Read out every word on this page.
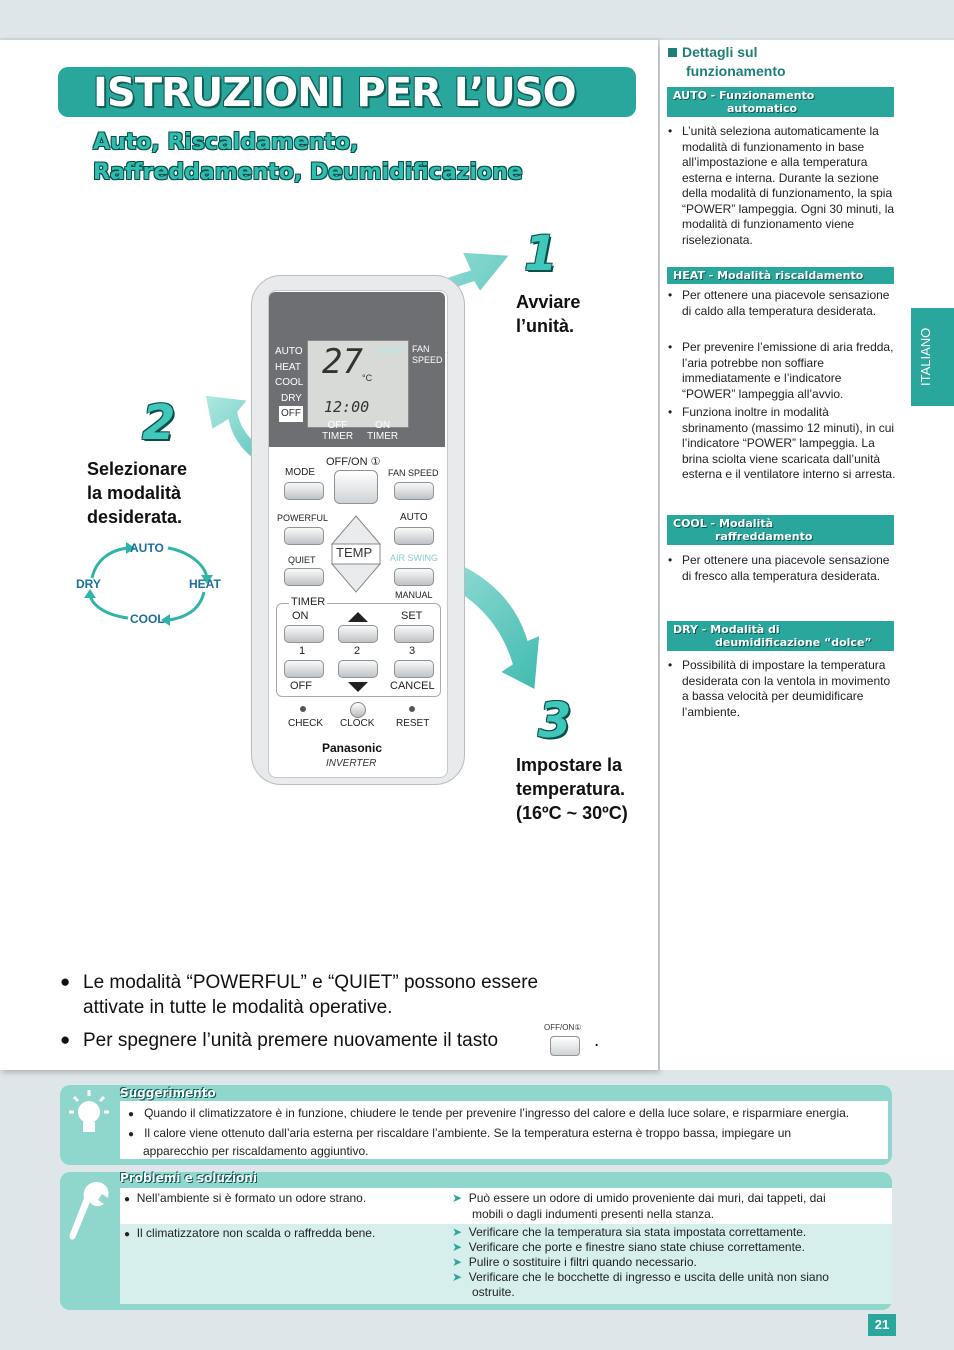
ISTRUZIONI PER L’USO
Auto, Riscaldamento,
Raffreddamento, Deumidificazione
1
Avviare
l’unità.
2
Selezionare
la modalità
desiderata.
3
Impostare la
temperatura.
(16ºC ~ 30ºC)
AUTO
HEAT
COOL
DRY
AUTO
HEAT
COOL
DRY
OFF
27 °C
12:00
AUTO FAN
SPEED
OFF
TIMER
ON
TIMER
OFF/ON ①
MODE	FAN SPEED
POWERFUL	AUTO
QUIET	AIR SWING
MANUAL
TEMP
TIMER
ON	SET
1	2	3
OFF	CANCEL
CHECK CLOCK RESET
Panasonic
INVERTER
● Le modalità “POWERFUL” e “QUIET” possono essere
attivate in tutte le modalità operative.
● Per spegnere l’unità premere nuovamente il tasto
OFF/ON①
.
Dettagli sul
funzionamento
AUTO - Funzionamento
automatico
• L’unità seleziona automaticamente la modalità di funzionamento in base all’impostazione e alla temperatura esterna e interna. Durante la sezione della modalità di funzionamento, la spia “POWER” lampeggia. Ogni 30 minuti, la modalità di funzionamento viene riselezionata.
HEAT - Modalità riscaldamento
• Per ottenere una piacevole sensazione di caldo alla temperatura desiderata.
• Per prevenire l’emissione di aria fredda, l’aria potrebbe non soffiare immediatamente e l’indicatore “POWER” lampeggia all’avvio.
• Funziona inoltre in modalità sbrinamento (massimo 12 minuti), in cui l’indicatore “POWER” lampeggia. La brina sciolta viene scaricata dall’unità esterna e il ventilatore interno si arresta.
COOL - Modalità
raffreddamento
• Per ottenere una piacevole sensazione di fresco alla temperatura desiderata.
DRY - Modalità di
deumidificazione “dolce”
• Possibilità di impostare la temperatura desiderata con la ventola in movimento a bassa velocità per deumidificare l’ambiente.
ITALIANO
Suggerimento
● Quando il climatizzatore è in funzione, chiudere le tende per prevenire l’ingresso del calore e della luce solare, e risparmiare energia.
● Il calore viene ottenuto dall’aria esterna per riscaldare l’ambiente. Se la temperatura esterna è troppo bassa, impiegare un
apparecchio per riscaldamento aggiuntivo.
Problemi e soluzioni
● Nell’ambiente si è formato un odore strano.	➤ Può essere un odore di umido proveniente dai muri, dai tappeti, dai
mobili o dagli indumenti presenti nella stanza.
● Il climatizzatore non scalda o raffredda bene.	➤ Verificare che la temperatura sia stata impostata correttamente.
➤ Verificare che porte e finestre siano state chiuse correttamente.
➤ Pulire o sostituire i filtri quando necessario.
➤ Verificare che le bocchette di ingresso e uscita delle unità non siano
ostruite.
21
